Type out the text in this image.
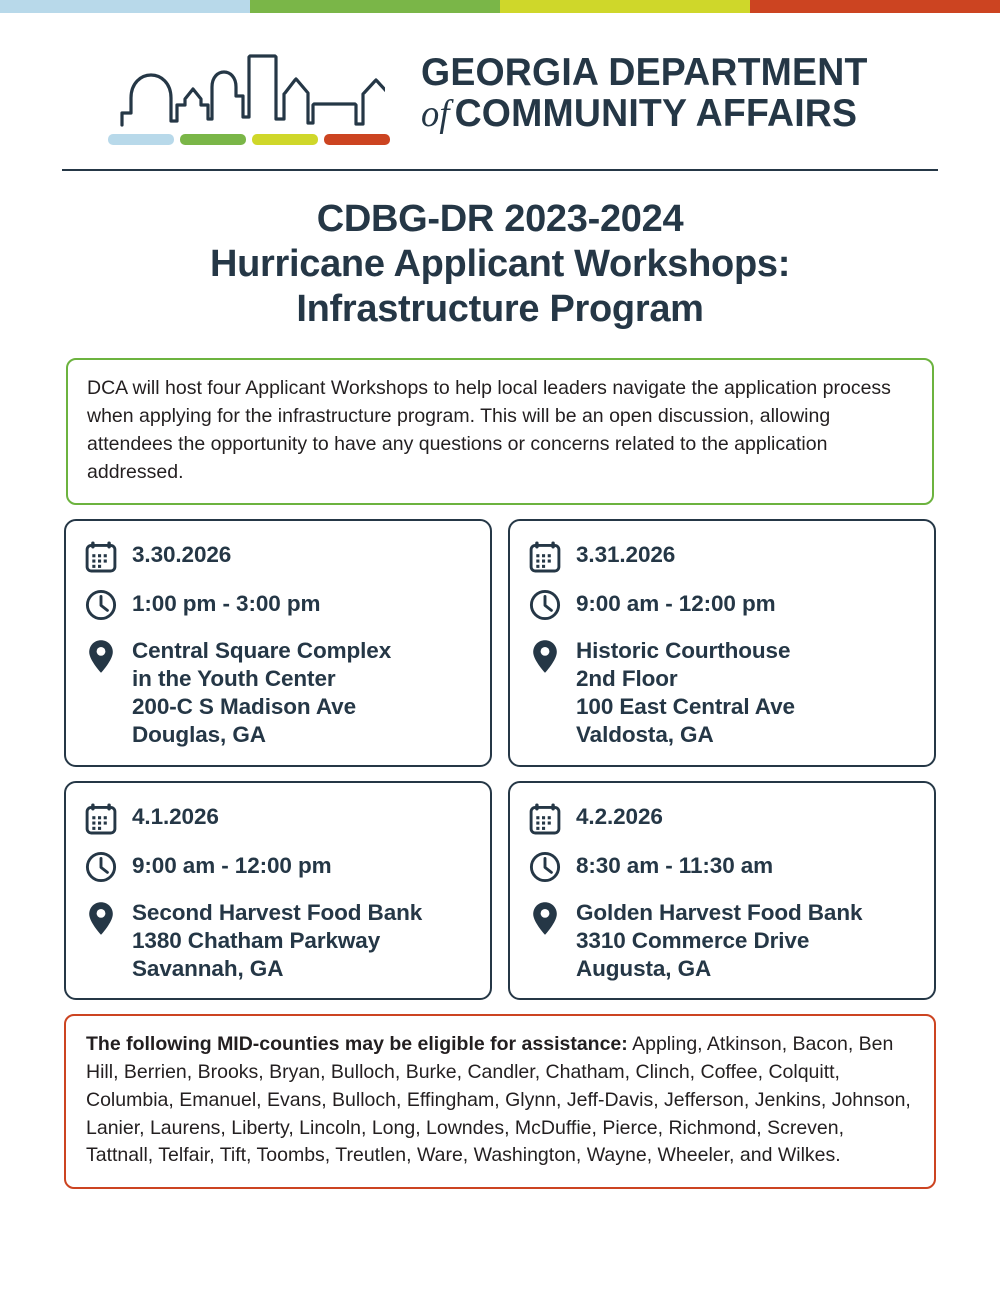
GEORGIA DEPARTMENT
of COMMUNITY AFFAIRS
CDBG-DR 2023-2024
Hurricane Applicant Workshops:
Infrastructure Program

DCA will host four Applicant Workshops to help local leaders navigate the application process when applying for the infrastructure program. This will be an open discussion, allowing attendees the opportunity to have any questions or concerns related to the application addressed.

3.30.2026
1:00 pm - 3:00 pm
Central Square Complex
in the Youth Center
200-C S Madison Ave
Douglas, GA
3.31.2026
9:00 am - 12:00 pm
Historic Courthouse
2nd Floor
100 East Central Ave
Valdosta, GA
4.1.2026
9:00 am - 12:00 pm
Second Harvest Food Bank
1380 Chatham Parkway
Savannah, GA
4.2.2026
8:30 am - 11:30 am
Golden Harvest Food Bank
3310 Commerce Drive
Augusta, GA

The following MID-counties may be eligible for assistance: Appling, Atkinson, Bacon, Ben Hill, Berrien, Brooks, Bryan, Bulloch, Burke, Candler, Chatham, Clinch, Coffee, Colquitt, Columbia, Emanuel, Evans, Bulloch, Effingham, Glynn, Jeff-Davis, Jefferson, Jenkins, Johnson, Lanier, Laurens, Liberty, Lincoln, Long, Lowndes, McDuffie, Pierce, Richmond, Screven, Tattnall, Telfair, Tift, Toombs, Treutlen, Ware, Washington, Wayne, Wheeler, and Wilkes.
